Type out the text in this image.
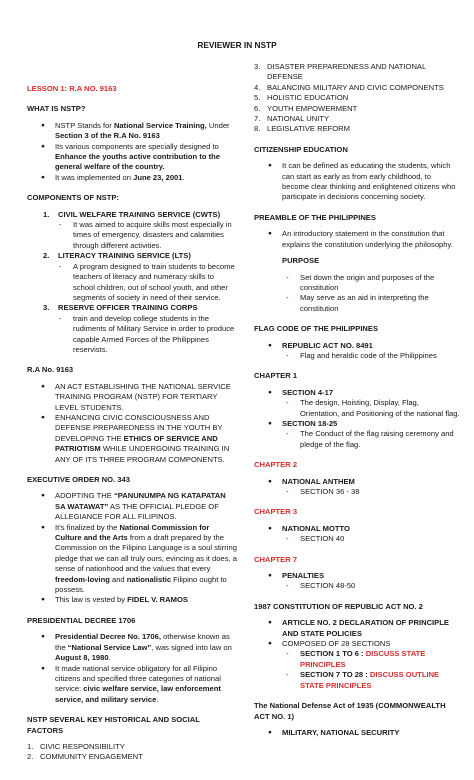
REVIEWER IN NSTP

LESSON 1: R.A NO. 9163

WHAT IS NSTP?

●	NSTP Stands for National Service Training, Under Section 3 of the R.A No. 9163
●	Its various components are specially designed to Enhance the youths active contribution to the general welfare of the country.
●	It was implemented on June 23, 2001.

COMPONENTS OF NSTP:

1.	CIVIL WELFARE TRAINING SERVICE (CWTS)
-	It was aimed to acquire skills most especially in times of emergency, disasters and calamities through different activities.
2.	LITERACY TRAINING SERVICE (LTS)
-	A program designed to train students to become teachers of literacy and numeracy skills to school children, out of school youth, and other segments of society in need of their service.
3.	RESERVE OFFICER TRAINING CORPS
-	train and develop college students in the rudiments of Military Service in order to produce capable Armed Forces of the Philippines reservists.

R.A No. 9163

●	AN ACT ESTABLISHING THE NATIONAL SERVICE TRAINING PROGRAM (NSTP) FOR TERTIARY LEVEL STUDENTS.
●	ENHANCING CIVIC CONSCIOUSNESS AND DEFENSE PREPAREDNESS IN THE YOUTH BY DEVELOPING THE ETHICS OF SERVICE AND PATRIOTISM WHILE UNDERGOING TRAINING IN ANY OF ITS THREE PROGRAM COMPONENTS.

EXECUTIVE ORDER NO. 343

●	ADOPTING THE “PANUNUMPA NG KATAPATAN SA WATAWAT” AS THE OFFICIAL PLEDGE OF ALLEGIANCE FOR ALL FILIPINOS.
●	It’s finalized by the National Commission for Culture and the Arts from a draft prepared by the Commission on the Filipino Language is a soul stirring pledge that we can all truly ours, evincing as it does, a sense of nationhood and the values that every freedom-loving and nationalistic Filipino ought to possess.
●	This law is vested by FIDEL V. RAMOS

PRESIDENTIAL DECREE 1706

●	Presidential Decree No. 1706, otherwise known as the “National Service Law”, was signed into law on August 8, 1980.
●	It made national service obligatory for all Filipino citizens and specified three categories of national service: civic welfare service, law enforcement service, and military service.

NSTP SEVERAL KEY HISTORICAL AND SOCIAL FACTORS

1. CIVIC RESPONSIBILITY
2. COMMUNITY ENGAGEMENT
3. DISASTER PREPAREDNESS AND NATIONAL DEFENSE
4. BALANCING MILITARY AND CIVIC COMPONENTS
5. HOLISTIC EDUCATION
6. YOUTH EMPOWERMENT
7. NATIONAL UNITY
8. LEGISLATIVE REFORM

CITIZENSHIP EDUCATION

●	It can be defined as educating the students, which can start as early as from early childhood, to become clear thinking and enlightened citizens who participate in decisions concerning society.

PREAMBLE OF THE PHILIPPINES

●	An introductory statement in the constitution that explains the constitution underlying the philosophy.

PURPOSE

-	Set down the origin and purposes of the constitution
-	May serve as an aid in interpreting the constitution

FLAG CODE OF THE PHILIPPINES

●	REPUBLIC ACT NO. 8491
-	Flag and heraldic code of the Philippines

CHAPTER 1

●	SECTION 4-17
-	The design, Hoisting, Display, Flag, Orientation, and Positioning of the national flag.
●	SECTION 18-25
-	The Conduct of the flag raising ceremony and pledge of the flag.

CHAPTER 2

●	NATIONAL ANTHEM
-	SECTION 36 - 38

CHAPTER 3

●	NATIONAL MOTTO
-	SECTION 40

CHAPTER 7

●	PENALTIES
-	SECTION 48-50

1987 CONSTITUTION OF REPUBLIC ACT NO. 2

●	ARTICLE NO. 2 DECLARATION OF PRINCIPLE AND STATE POLICIES
●	COMPOSED OF 28 SECTIONS
-	SECTION 1 TO 6 : DISCUSS STATE PRINCIPLES
-	SECTION 7 TO 28 : DISCUSS OUTLINE STATE PRINCIPLES

The National Defense Act of 1935 (COMMONWEALTH ACT NO. 1)

●	MILITARY, NATIONAL SECURITY
